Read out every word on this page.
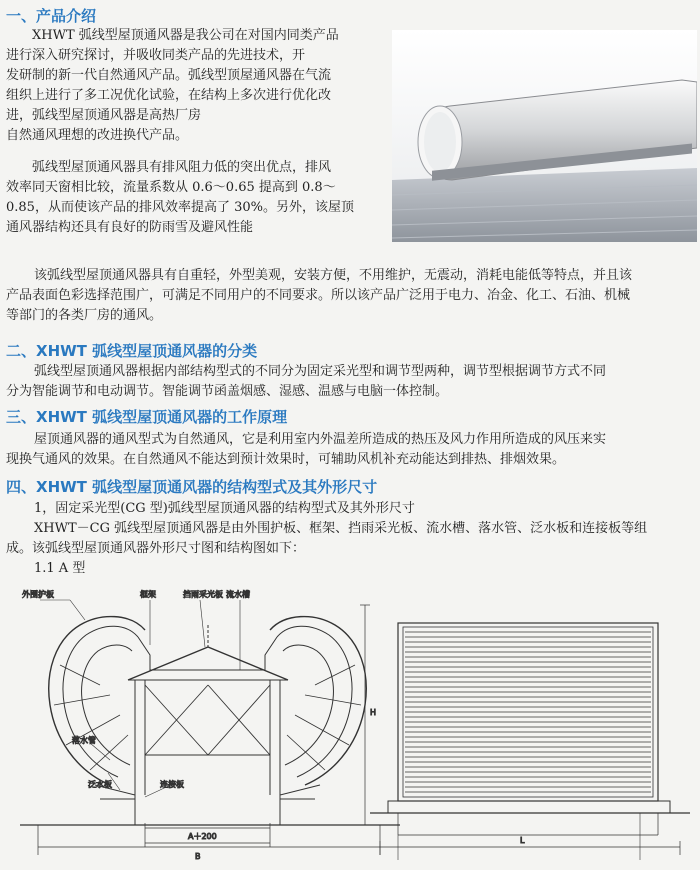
一、产品介绍
二、XHWT 弧线型屋顶通风器的分类
三、XHWT 弧线型屋顶通风器的工作原理
四、XHWT 弧线型屋顶通风器的结构型式及其外形尺寸
XHWT 弧线型屋顶通风器是我公司在对国内同类产品
进行深入研究探讨，并吸收同类产品的先进技术，开
发研制的新一代自然通风产品。弧线型顶屋通风器在气流
组织上进行了多工况优化试验，在结构上多次进行优化改
进，弧线型屋顶通风器是高热厂房
自然通风理想的改进换代产品。
弧线型屋顶通风器具有排风阻力低的突出优点，排风
效率同天窗相比较，流量系数从 0.6～0.65 提高到 0.8～
0.85，从而使该产品的排风效率提高了 30%。另外，该屋顶
通风器结构还具有良好的防雨雪及避风性能
该弧线型屋顶通风器具有自重轻，外型美观，安装方便，不用维护，无震动，消耗电能低等特点，并且该
产品表面色彩选择范围广，可满足不同用户的不同要求。所以该产品广泛用于电力、冶金、化工、石油、机械
等部门的各类厂房的通风。
弧线型屋顶通风器根据内部结构型式的不同分为固定采光型和调节型两种，调节型根据调节方式不同
分为智能调节和电动调节。智能调节函盖烟感、湿感、温感与电脑一体控制。
屋顶通风器的通风型式为自然通风，它是利用室内外温差所造成的热压及风力作用所造成的风压来实
现换气通风的效果。在自然通风不能达到预计效果时，可辅助风机补充动能达到排热、排烟效果。
1，固定采光型(CG 型)弧线型屋顶通风器的结构型式及其外形尺寸
XHWT－CG 弧线型屋顶通风器是由外围护板、框架、挡雨采光板、流水槽、落水管、泛水板和连接板等组
成。该弧线型屋顶通风器外形尺寸图和结构图如下：
1.1 A 型
外围护板	框架	挡雨采光板 流水槽
落水管
泛水板	连接板
A＋200
B
H
L
